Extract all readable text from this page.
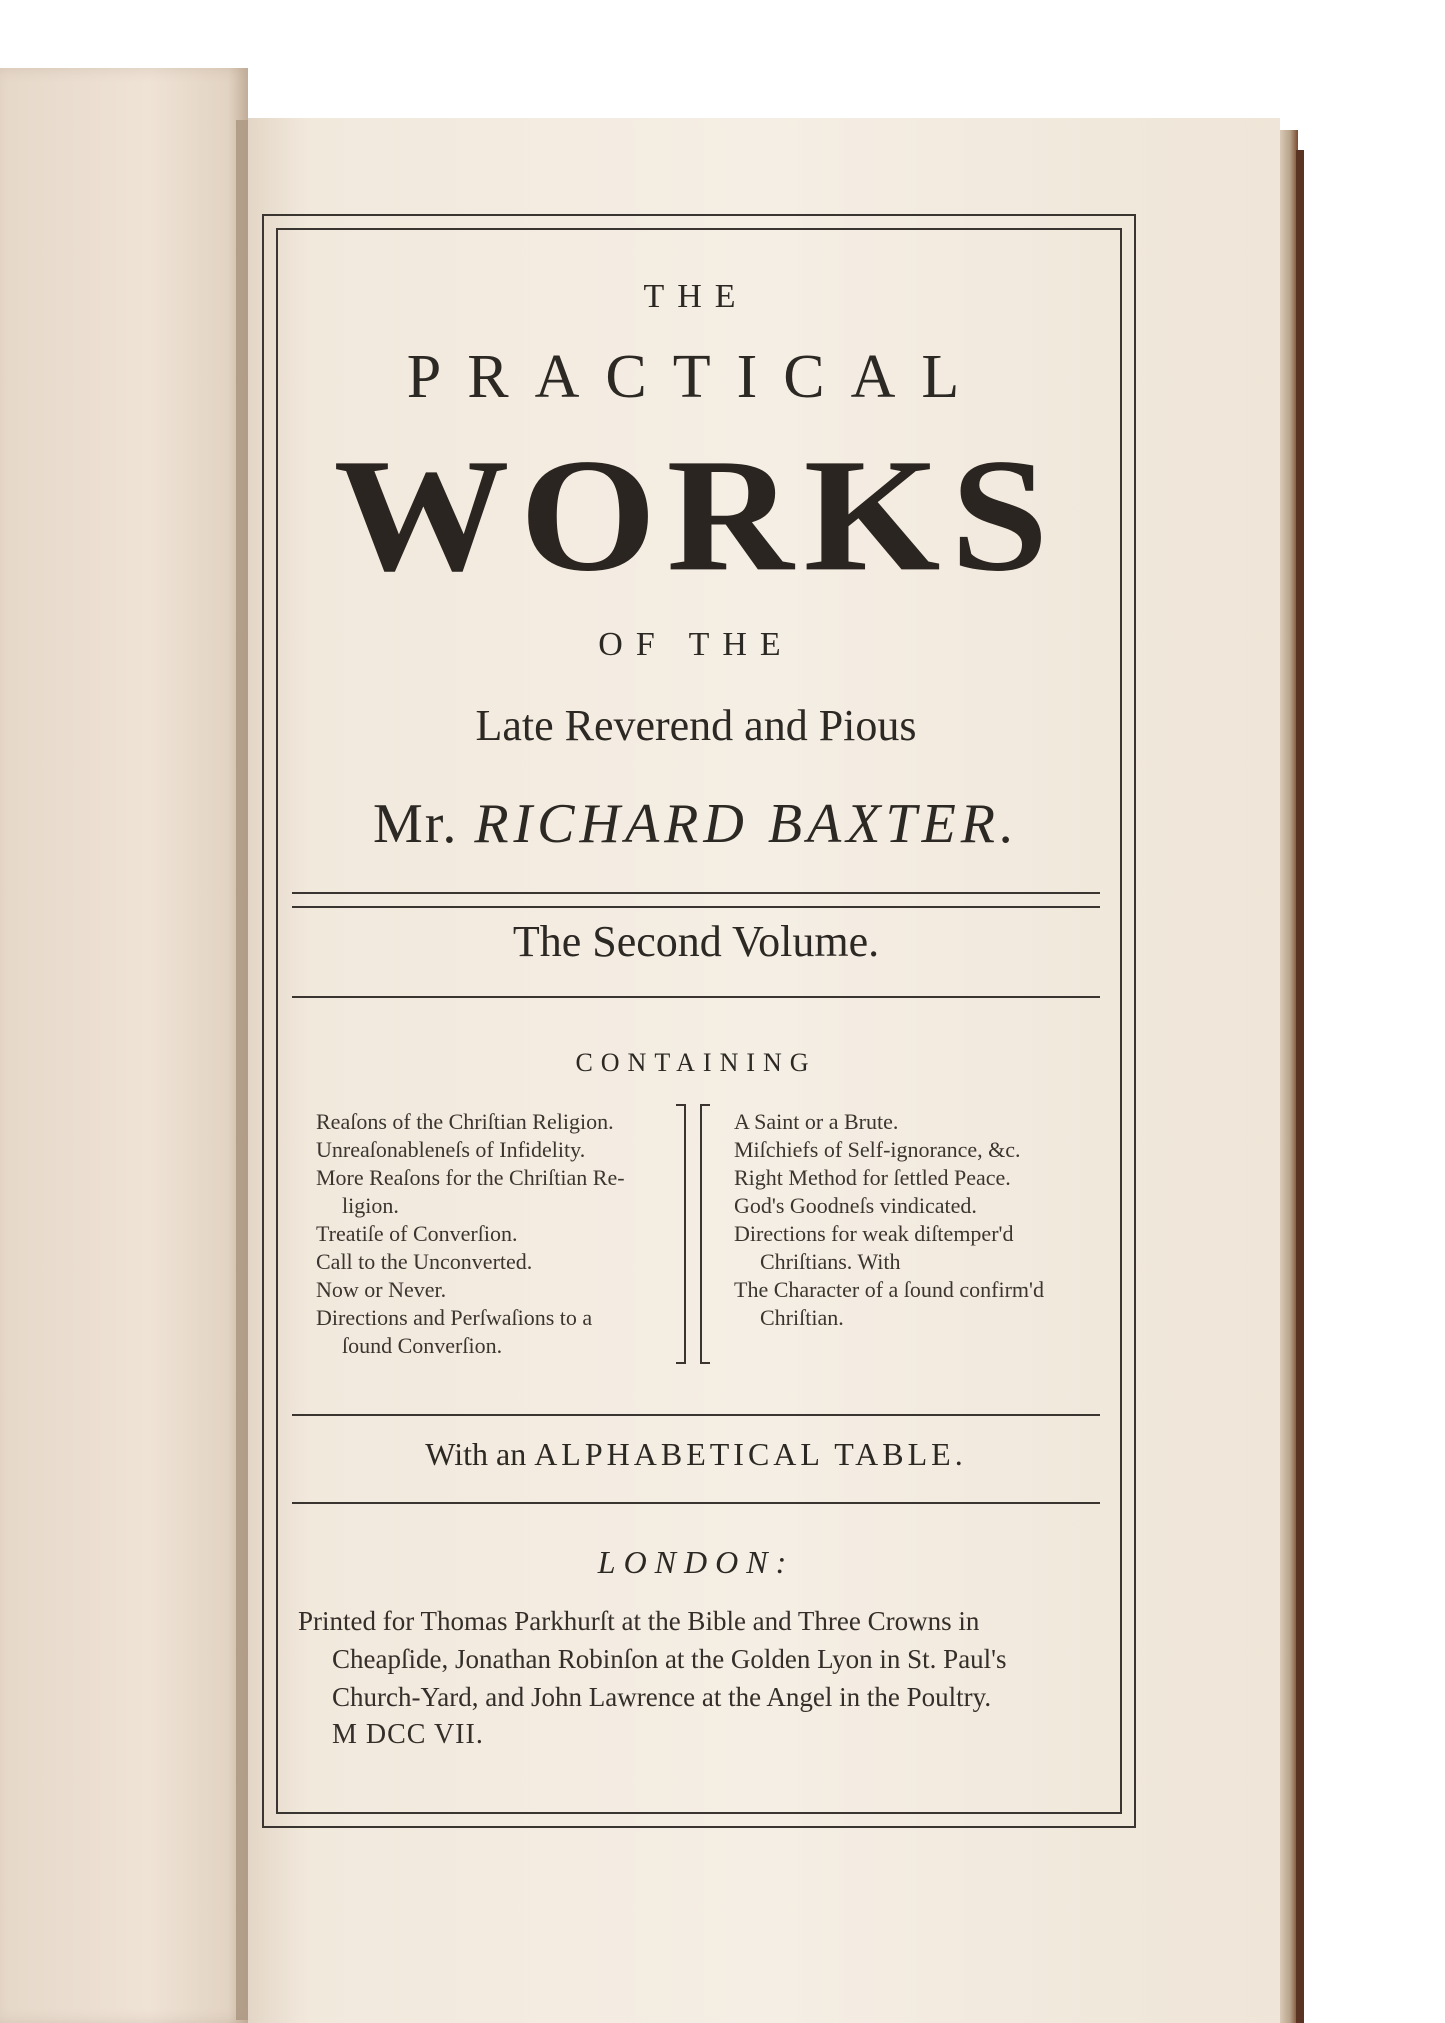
THE
PRACTICAL
WORKS
OF THE
Late Reverend and Pious
Mr. RICHARD BAXTER.
The Second Volume.
CONTAINING
Reaſons of the Chriſtian Religion.
Unreaſonableneſs of Infidelity.
More Reaſons for the Chriſtian Re-
ligion.
Treatiſe of Converſion.
Call to the Unconverted.
Now or Never.
Directions and Perſwaſions to a
ſound Converſion.
A Saint or a Brute.
Miſchiefs of Self-ignorance, &c.
Right Method for ſettled Peace.
God's Goodneſs vindicated.
Directions for weak diſtemper'd
Chriſtians. With
The Character of a ſound confirm'd
Chriſtian.
With an ALPHABETICAL TABLE.
LONDON:
Printed for Thomas Parkhurſt at the Bible and Three Crowns in
Cheapſide, Jonathan Robinſon at the Golden Lyon in St. Paul's
Church-Yard, and John Lawrence at the Angel in the Poultry.
M DCC VII.
